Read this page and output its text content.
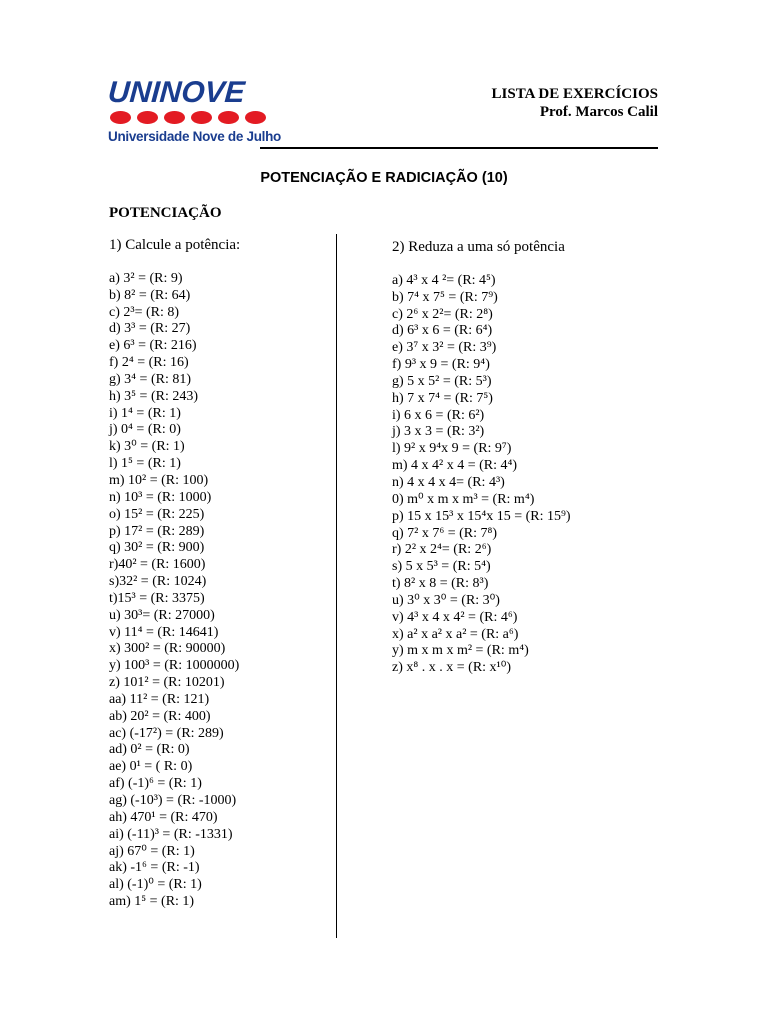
UNINOVE
Universidade Nove de Julho
LISTA DE EXERCÍCIOS
Prof. Marcos Calil
POTENCIAÇÃO E RADICIAÇÃO (10)
POTENCIAÇÃO
1) Calcule a potência:
a) 3² = (R: 9)
b) 8² = (R: 64)
c) 2³= (R: 8)
d) 3³ = (R: 27)
e) 6³ = (R: 216)
f) 2⁴ = (R: 16)
g) 3⁴ = (R: 81)
h) 3⁵ = (R: 243)
i) 1⁴ = (R: 1)
j) 0⁴ = (R: 0)
k) 3⁰ = (R: 1)
l) 1⁵ = (R: 1)
m) 10² = (R: 100)
n) 10³ = (R: 1000)
o) 15² = (R: 225)
p) 17² = (R: 289)
q) 30² = (R: 900)
r)40² = (R: 1600)
s)32² = (R: 1024)
t)15³ = (R: 3375)
u) 30³= (R: 27000)
v) 11⁴ = (R: 14641)
x) 300² = (R: 90000)
y) 100³ = (R: 1000000)
z) 101² = (R: 10201)
aa) 11² = (R: 121)
ab) 20² = (R: 400)
ac) (-17²) = (R: 289)
ad) 0² = (R: 0)
ae) 0¹ = ( R: 0)
af) (-1)⁶ = (R: 1)
ag) (-10³) = (R: -1000)
ah) 470¹ = (R: 470)
ai) (-11)³ = (R: -1331)
aj) 67⁰ = (R: 1)
ak) -1⁶ = (R: -1)
al) (-1)⁰ = (R: 1)
am) 1⁵ = (R: 1)
2) Reduza a uma só potência
a) 4³ x 4 ²= (R: 4⁵)
b) 7⁴ x 7⁵ = (R: 7⁹)
c) 2⁶ x 2²= (R: 2⁸)
d) 6³ x 6 = (R: 6⁴)
e) 3⁷ x 3² = (R: 3⁹)
f) 9³ x 9 = (R: 9⁴)
g) 5 x 5² = (R: 5³)
h) 7 x 7⁴ = (R: 7⁵)
i) 6 x 6 = (R: 6²)
j) 3 x 3 = (R: 3²)
l) 9² x 9⁴x 9 = (R: 9⁷)
m) 4 x 4² x 4 = (R: 4⁴)
n) 4 x 4 x 4= (R: 4³)
0) m⁰ x m x m³ = (R: m⁴)
p) 15 x 15³ x 15⁴x 15 = (R: 15⁹)
q) 7² x 7⁶ = (R: 7⁸)
r) 2² x 2⁴= (R: 2⁶)
s) 5 x 5³ = (R: 5⁴)
t) 8² x 8 = (R: 8³)
u) 3⁰ x 3⁰ = (R: 3⁰)
v) 4³ x 4 x 4² = (R: 4⁶)
x) a² x a² x a² = (R: a⁶)
y) m x m x m² = (R: m⁴)
z) x⁸ . x . x = (R: x¹⁰)
